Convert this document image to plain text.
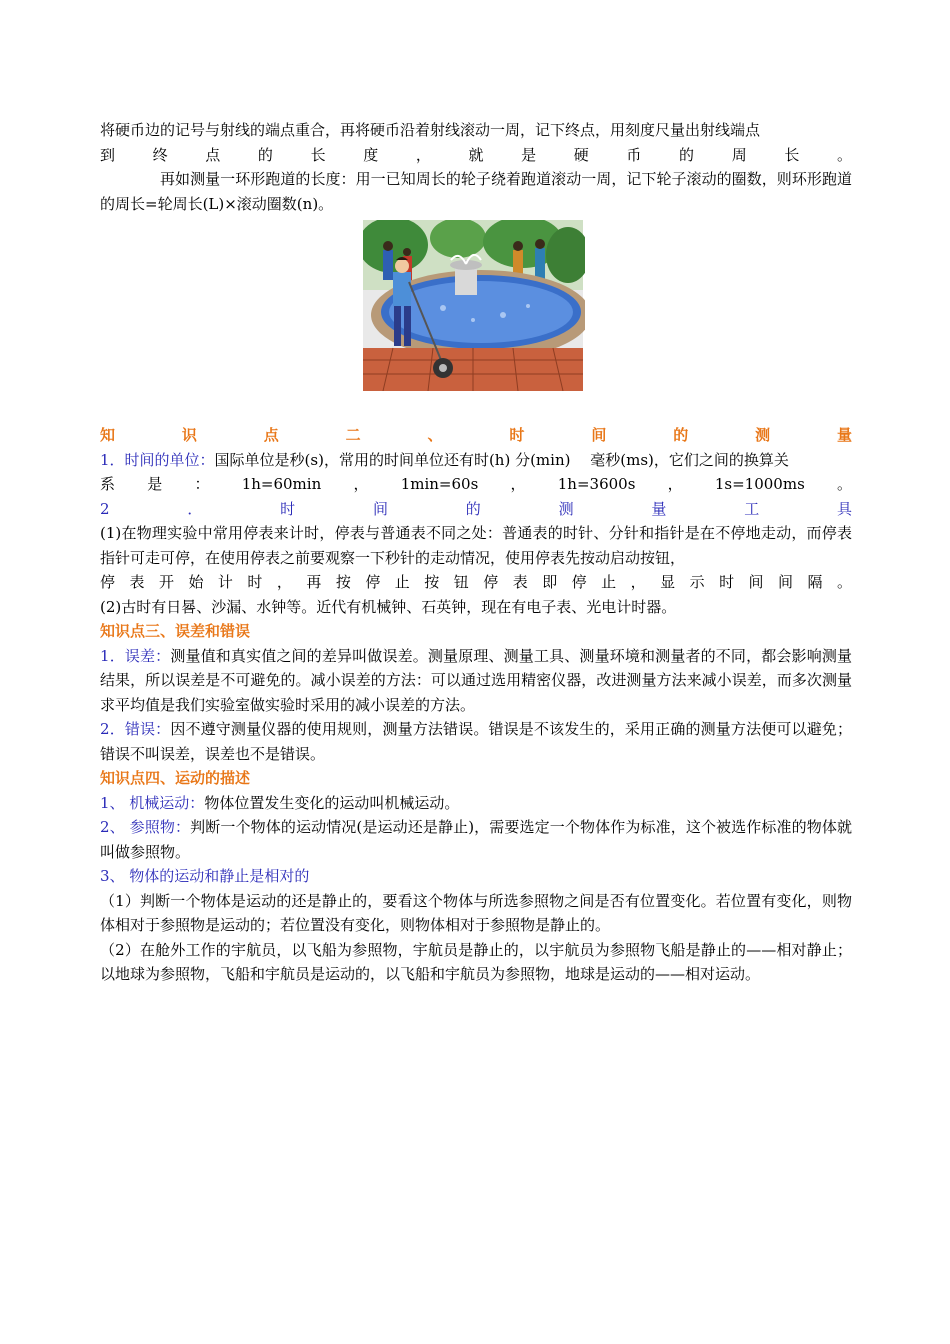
将硬币边的记号与射线的端点重合，再将硬币沿着射线滚动一周，记下终点，用刻度尺量出射线端点

到终点的长度，就是硬币的周长。

再如测量一环形跑道的长度：用一已知周长的轮子绕着跑道滚动一周，记下轮子滚动的圈数，则环形跑道的周长=轮周长(L)×滚动圈数(n)。

知识点二、时间的测量

1．时间的单位：国际单位是秒(s)，常用的时间单位还有时(h) 分(min)　 毫秒(ms)，它们之间的换算关

系是：1h=60min，1min=60s，1h=3600s，1s=1000ms。

2．时间的测量工具

(1)在物理实验中常用停表来计时，停表与普通表不同之处：普通表的时针、分针和指针是在不停地走动，而停表指针可走可停，在使用停表之前要观察一下秒针的走动情况，使用停表先按动启动按钮，

停表开始计时，再按停止按钮停表即停止，显示时间间隔。

(2)古时有日晷、沙漏、水钟等。近代有机械钟、石英钟，现在有电子表、光电计时器。

知识点三、误差和错误

1．误差：测量值和真实值之间的差异叫做误差。测量原理、测量工具、测量环境和测量者的不同，都会影响测量结果，所以误差是不可避免的。减小误差的方法：可以通过选用精密仪器，改进测量方法来减小误差，而多次测量求平均值是我们实验室做实验时采用的减小误差的方法。

2．错误：因不遵守测量仪器的使用规则，测量方法错误。错误是不该发生的，采用正确的测量方法便可以避免；错误不叫误差，误差也不是错误。

知识点四、运动的描述

1、 机械运动：物体位置发生变化的运动叫机械运动。

2、 参照物：判断一个物体的运动情况(是运动还是静止)，需要选定一个物体作为标准，这个被选作标准的物体就叫做参照物。

3、 物体的运动和静止是相对的

（1）判断一个物体是运动的还是静止的，要看这个物体与所选参照物之间是否有位置变化。若位置有变化，则物体相对于参照物是运动的；若位置没有变化，则物体相对于参照物是静止的。

（2）在舱外工作的宇航员，以飞船为参照物，宇航员是静止的，以宇航员为参照物飞船是静止的——相对静止；以地球为参照物，飞船和宇航员是运动的，以飞船和宇航员为参照物，地球是运动的——相对运动。
